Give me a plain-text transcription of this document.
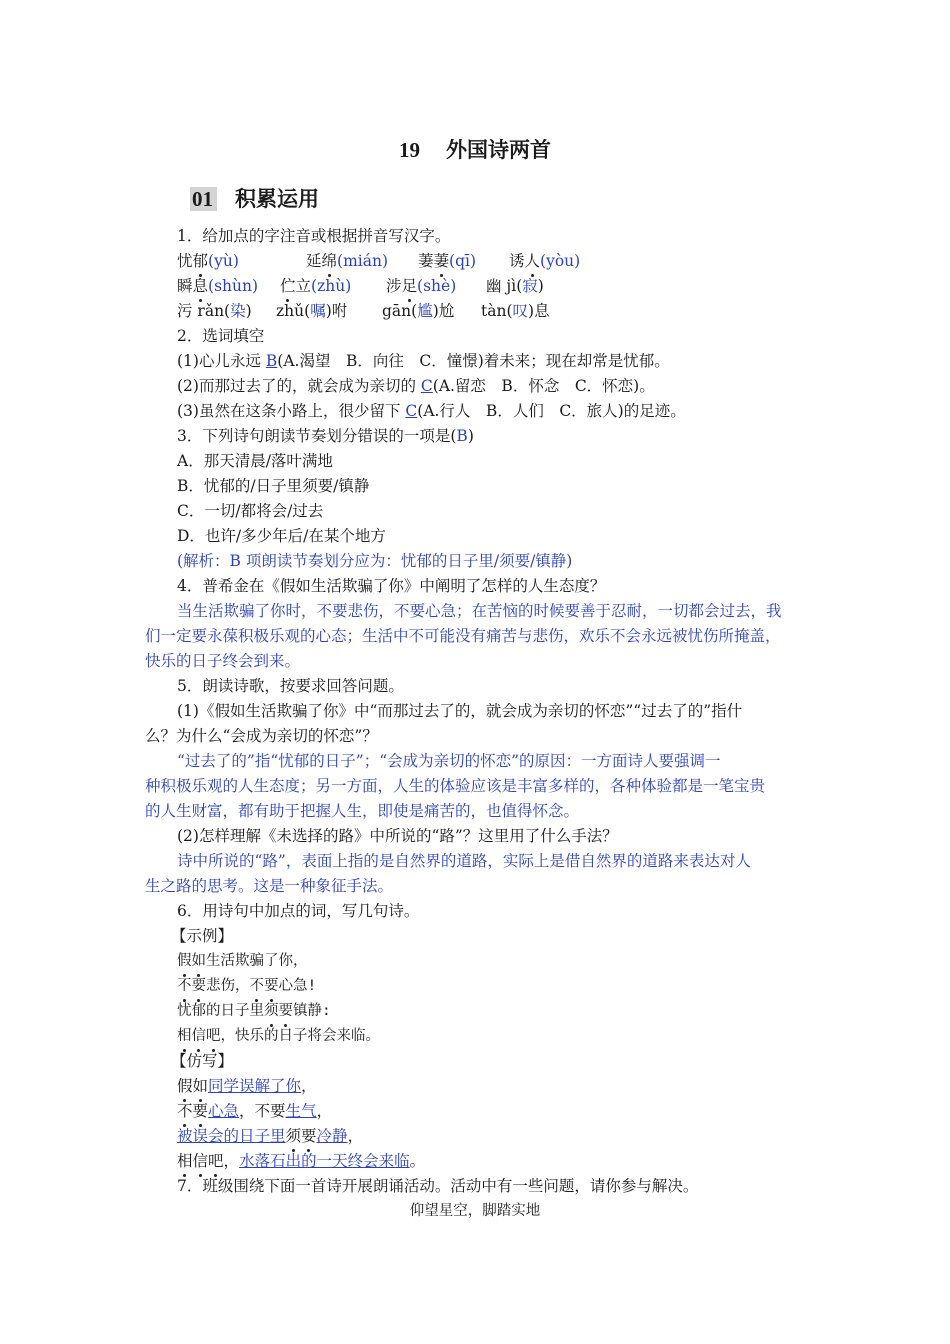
19 外国诗两首
01 积累运用
1．给加点的字注音或根据拼音写汉字。
忧郁(yù)	延绵(mián) 萋萋(qī) 诱人(yòu)
瞬息(shùn) 伫立(zhù) 涉足(shè) 幽 jì(寂)
污 rǎn(染) zhǔ(嘱)咐 gān(尴)尬 tàn(叹)息
2．选词填空
(1)心儿永远 B(A.渴望　B．向往　C．憧憬)着未来；现在却常是忧郁。
(2)而那过去了的，就会成为亲切的 C(A.留恋　B．怀念　C．怀恋)。
(3)虽然在这条小路上，很少留下 C(A.行人　B．人们　C．旅人)的足迹。
3．下列诗句朗读节奏划分错误的一项是(B)
A．那天清晨/落叶满地
B．忧郁的/日子里须要/镇静
C．一切/都将会/过去
D．也许/多少年后/在某个地方
(解析：B 项朗读节奏划分应为：忧郁的日子里/须要/镇静)
4．普希金在《假如生活欺骗了你》中阐明了怎样的人生态度？
当生活欺骗了你时，不要悲伤，不要心急；在苦恼的时候要善于忍耐，一切都会过去，我
们一定要永葆积极乐观的心态；生活中不可能没有痛苦与悲伤，欢乐不会永远被忧伤所掩盖，
快乐的日子终会到来。
5．朗读诗歌，按要求回答问题。
(1)《假如生活欺骗了你》中“而那过去了的，就会成为亲切的怀恋”“过去了的”指什
么？为什么“会成为亲切的怀恋”？
“过去了的”指“忧郁的日子”；“会成为亲切的怀恋”的原因：一方面诗人要强调一
种积极乐观的人生态度；另一方面，人生的体验应该是丰富多样的，各种体验都是一笔宝贵
的人生财富，都有助于把握人生，即使是痛苦的，也值得怀念。
(2)怎样理解《未选择的路》中所说的“路”？这里用了什么手法？
诗中所说的“路”，表面上指的是自然界的道路，实际上是借自然界的道路来表达对人
生之路的思考。这是一种象征手法。
6．用诗句中加点的词，写几句诗。
【示例】
假如生活欺骗了你，
不要悲伤，不要心急!
忧郁的日子里须要镇静:
相信吧，快乐的日子将会来临。
【仿写】
假如同学误解了你，
不要心急，不要生气，
被误会的日子里须要冷静，
相信吧，水落石出的一天终会来临。
7．班级围绕下面一首诗开展朗诵活动。活动中有一些问题，请你参与解决。
仰望星空，脚踏实地
